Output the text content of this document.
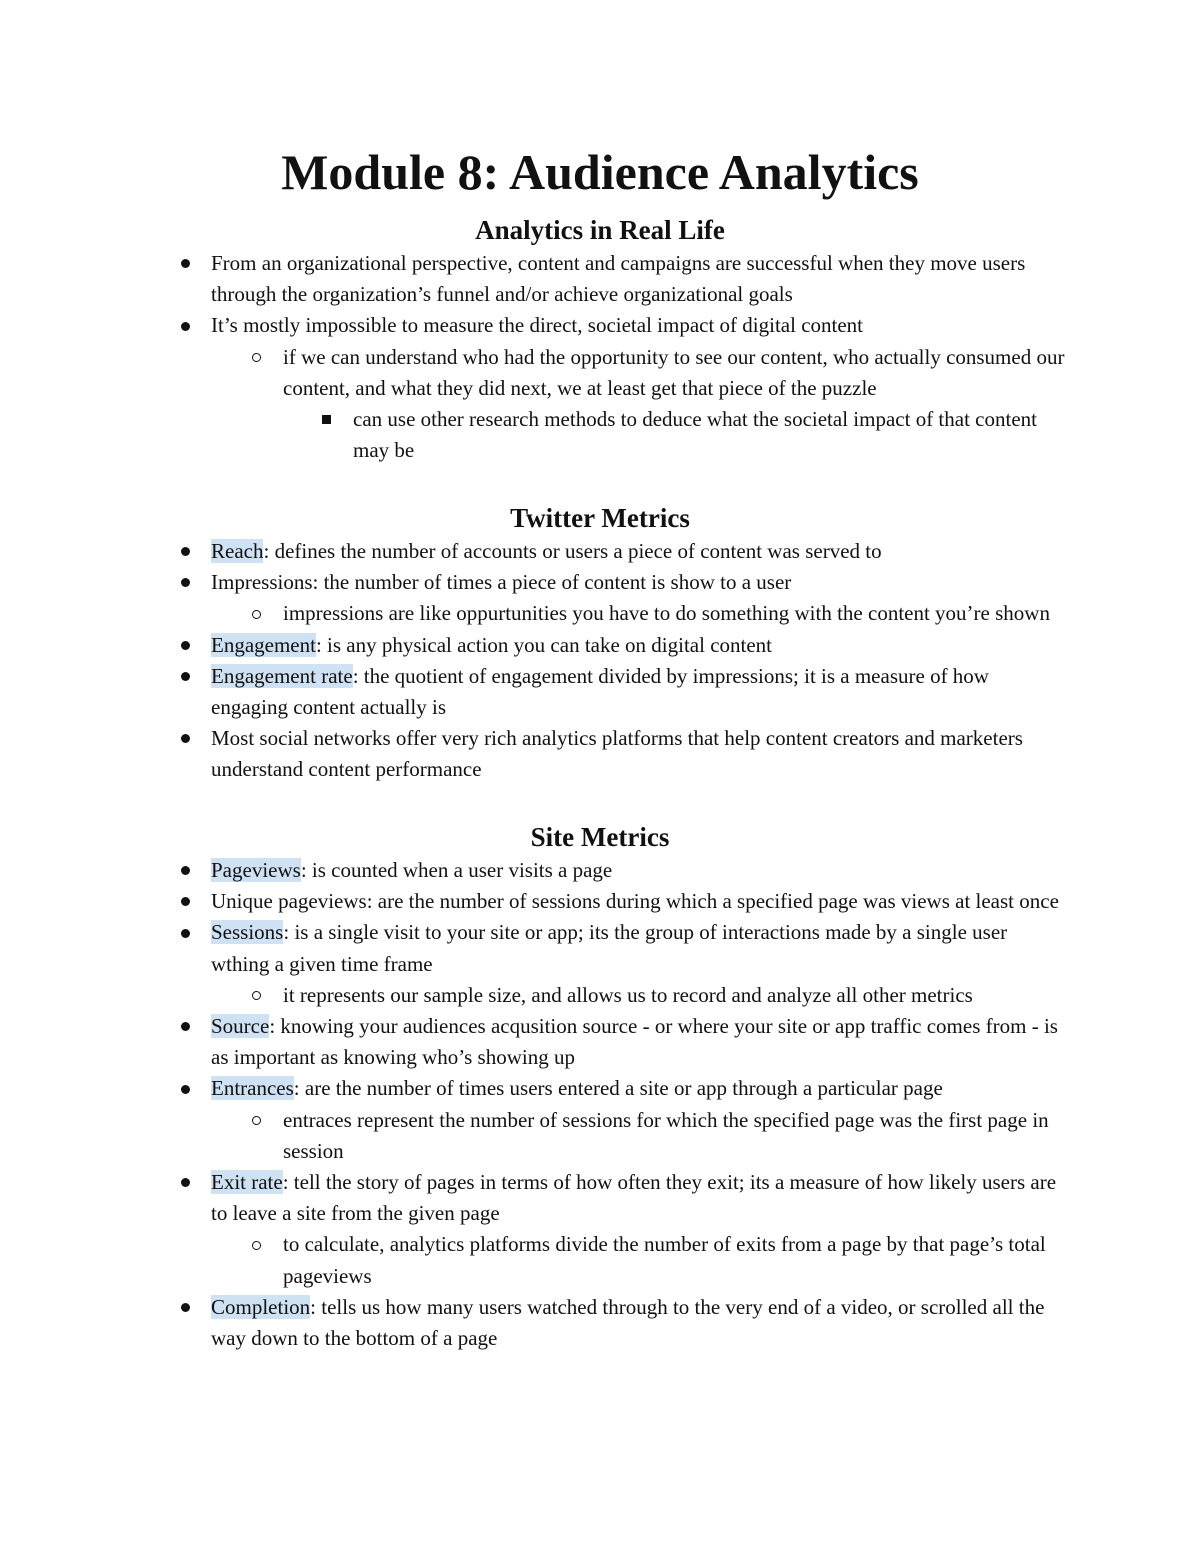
Module 8: Audience Analytics
Analytics in Real Life
From an organizational perspective, content and campaigns are successful when they move users through the organization’s funnel and/or achieve organizational goals
It’s mostly impossible to measure the direct, societal impact of digital content
if we can understand who had the opportunity to see our content, who actually consumed our content, and what they did next, we at least get that piece of the puzzle
can use other research methods to deduce what the societal impact of that content may be
Twitter Metrics
Reach: defines the number of accounts or users a piece of content was served to
Impressions: the number of times a piece of content is show to a user
impressions are like oppurtunities you have to do something with the content you’re shown
Engagement: is any physical action you can take on digital content
Engagement rate: the quotient of engagement divided by impressions; it is a measure of how engaging content actually is
Most social networks offer very rich analytics platforms that help content creators and marketers understand content performance
Site Metrics
Pageviews: is counted when a user visits a page
Unique pageviews: are the number of sessions during which a specified page was views at least once
Sessions: is a single visit to your site or app; its the group of interactions made by a single user wthing a given time frame
it represents our sample size, and allows us to record and analyze all other metrics
Source: knowing your audiences acqusition source - or where your site or app traffic comes from - is as important as knowing who’s showing up
Entrances: are the number of times users entered a site or app through a particular page
entraces represent the number of sessions for which the specified page was the first page in session
Exit rate: tell the story of pages in terms of how often they exit; its a measure of how likely users are to leave a site from the given page
to calculate, analytics platforms divide the number of exits from a page by that page’s total pageviews
Completion: tells us how many users watched through to the very end of a video, or scrolled all the way down to the bottom of a page
